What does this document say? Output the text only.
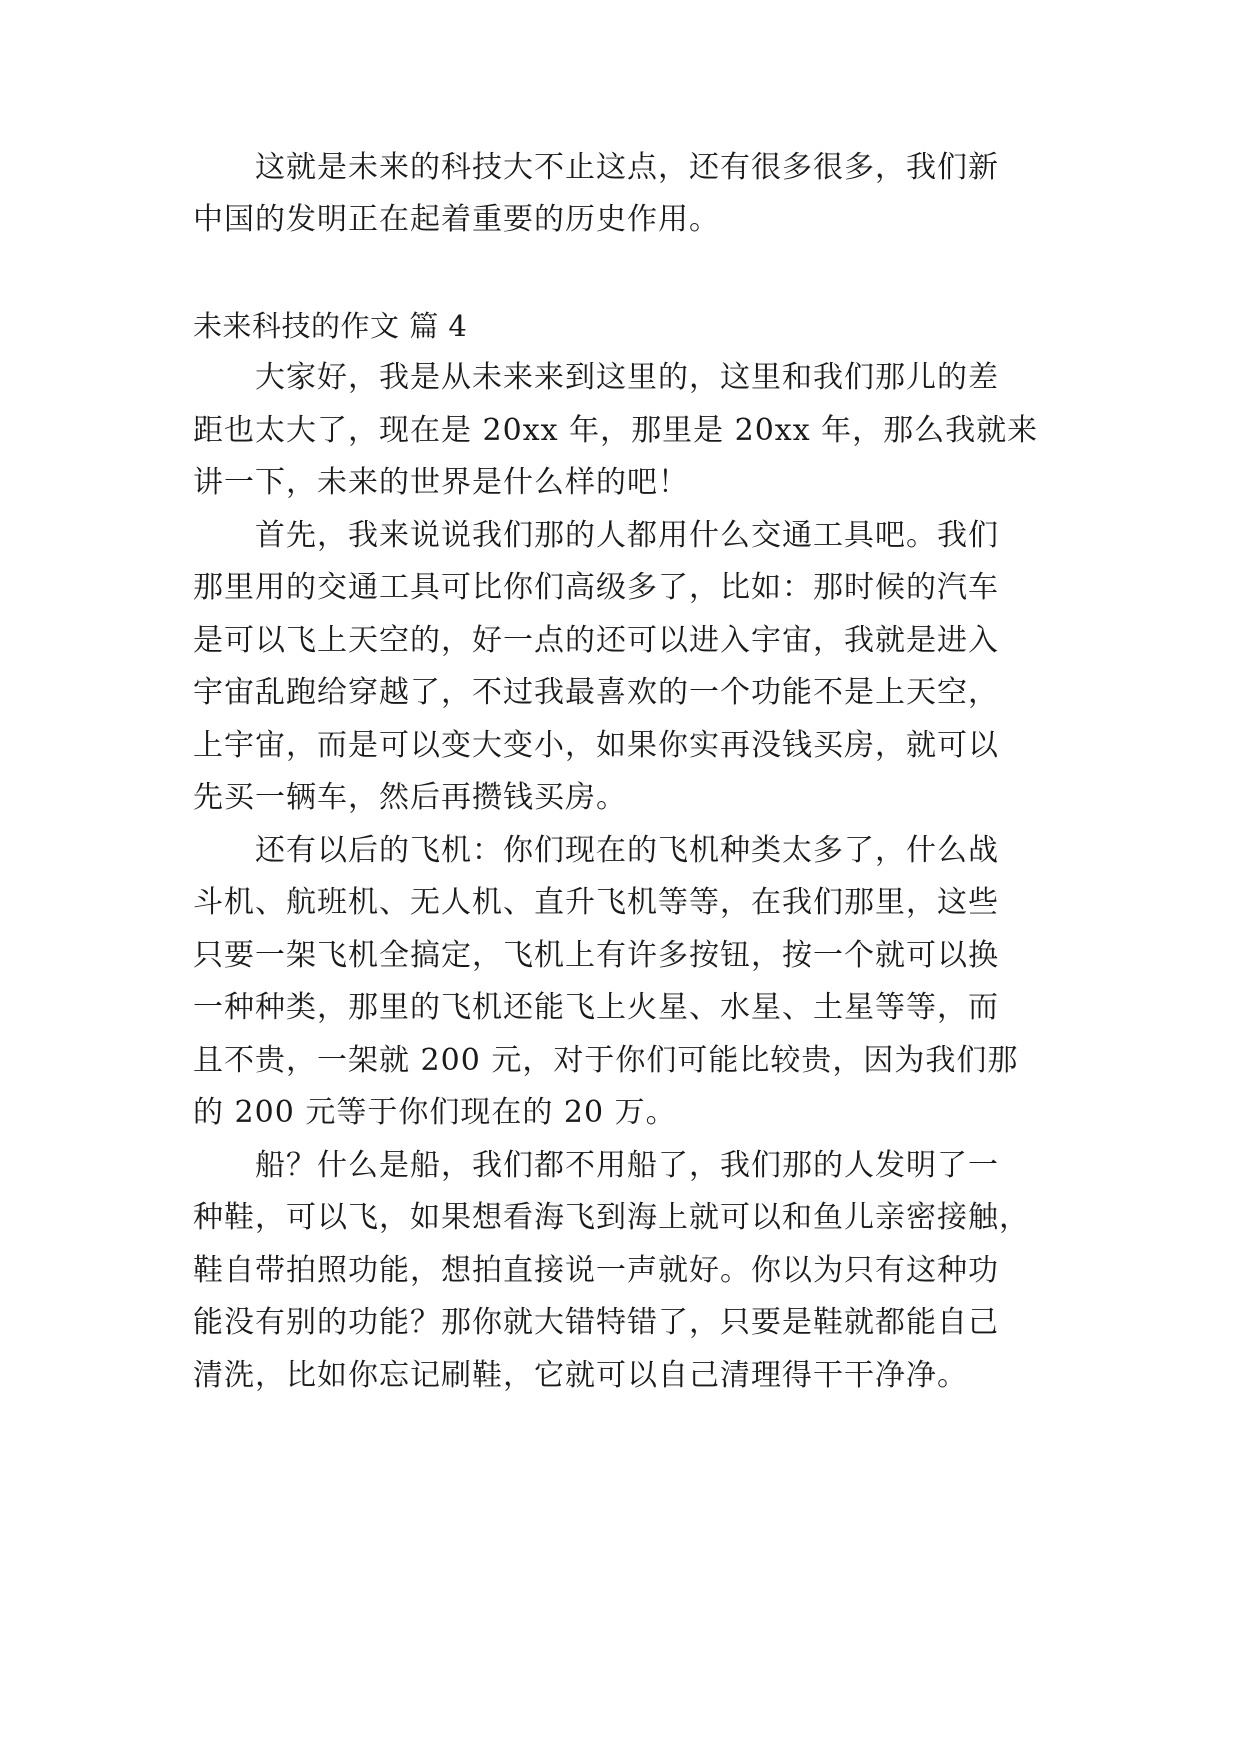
这就是未来的科技大不止这点，还有很多很多，我们新
中国的发明正在起着重要的历史作用。
未来科技的作文 篇 4
大家好，我是从未来来到这里的，这里和我们那儿的差
距也太大了，现在是 20xx 年，那里是 20xx 年，那么我就来
讲一下，未来的世界是什么样的吧！
首先，我来说说我们那的人都用什么交通工具吧。我们
那里用的交通工具可比你们高级多了，比如：那时候的汽车
是可以飞上天空的，好一点的还可以进入宇宙，我就是进入
宇宙乱跑给穿越了，不过我最喜欢的一个功能不是上天空，
上宇宙，而是可以变大变小，如果你实再没钱买房，就可以
先买一辆车，然后再攒钱买房。
还有以后的飞机：你们现在的飞机种类太多了，什么战
斗机、航班机、无人机、直升飞机等等，在我们那里，这些
只要一架飞机全搞定，飞机上有许多按钮，按一个就可以换
一种种类，那里的飞机还能飞上火星、水星、土星等等，而
且不贵，一架就 200 元，对于你们可能比较贵，因为我们那
的 200 元等于你们现在的 20 万。
船？什么是船，我们都不用船了，我们那的人发明了一
种鞋，可以飞，如果想看海飞到海上就可以和鱼儿亲密接触，
鞋自带拍照功能，想拍直接说一声就好。你以为只有这种功
能没有别的功能？那你就大错特错了，只要是鞋就都能自己
清洗，比如你忘记刷鞋，它就可以自己清理得干干净净。
